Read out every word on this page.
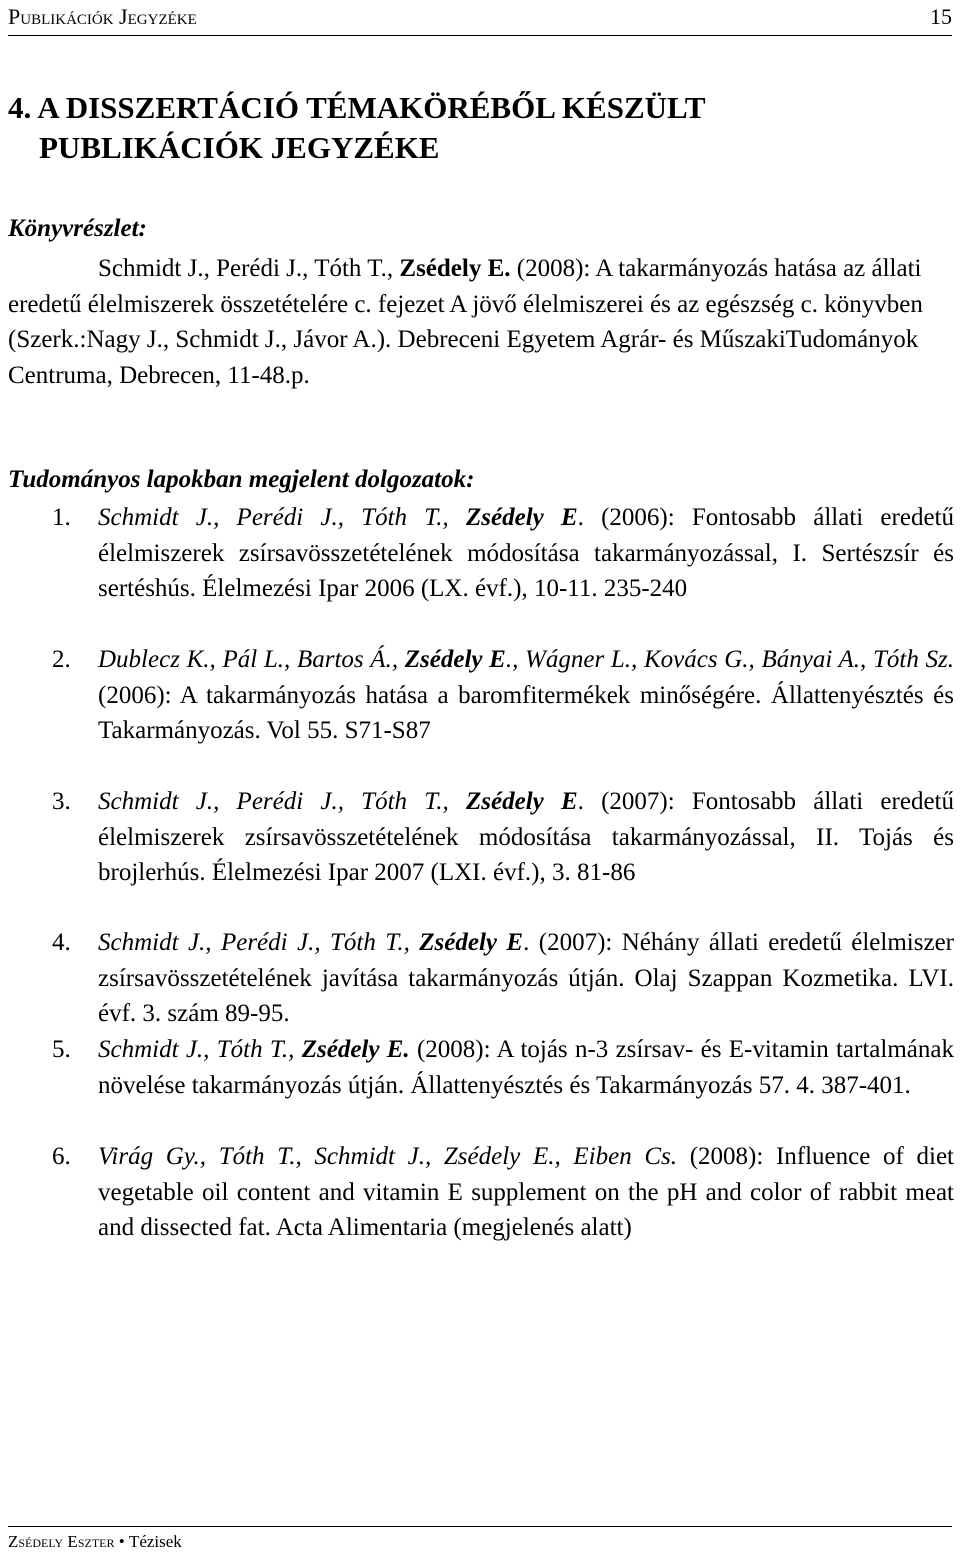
Publikációk Jegyzéke	15
4. A DISSZERTÁCIÓ TÉMAKÖRÉBŐL KÉSZÜLT
PUBLIKÁCIÓK JEGYZÉKE
Könyvrészlet:
Schmidt J., Perédi J., Tóth T., Zsédely E. (2008): A takarmányozás hatása az állati eredetű élelmiszerek összetételére c. fejezet A jövő élelmiszerei és az egészség c. könyvben (Szerk.:Nagy J., Schmidt J., Jávor A.). Debreceni Egyetem Agrár- és MűszakiTudományok Centruma, Debrecen, 11-48.p.
Tudományos lapokban megjelent dolgozatok:
1. Schmidt J., Perédi J., Tóth T., Zsédely E. (2006): Fontosabb állati eredetű élelmiszerek zsírsavösszetételének módosítása takarmányozással, I. Sertészsír és sertéshús. Élelmezési Ipar 2006 (LX. évf.), 10-11. 235-240
2. Dublecz K., Pál L., Bartos Á., Zsédely E., Wágner L., Kovács G., Bányai A., Tóth Sz.(2006): A takarmányozás hatása a baromfitermékek minőségére. Állattenyésztés és Takarmányozás. Vol 55. S71-S87
3. Schmidt J., Perédi J., Tóth T., Zsédely E. (2007): Fontosabb állati eredetű élelmiszerek zsírsavösszetételének módosítása takarmányozással, II. Tojás és brojlerhús. Élelmezési Ipar 2007 (LXI. évf.), 3. 81-86
4. Schmidt J., Perédi J., Tóth T., Zsédely E. (2007): Néhány állati eredetű élelmiszer zsírsavösszetételének javítása takarmányozás útján. Olaj Szappan Kozmetika. LVI. évf. 3. szám 89-95.
5. Schmidt J., Tóth T., Zsédely E. (2008): A tojás n-3 zsírsav- és E-vitamin tartalmának növelése takarmányozás útján. Állattenyésztés és Takarmányozás 57. 4. 387-401.
6. Virág Gy., Tóth T., Schmidt J., Zsédely E., Eiben Cs. (2008): Influence of diet vegetable oil content and vitamin E supplement on the pH and color of rabbit meat and dissected fat. Acta Alimentaria (megjelenés alatt)
Zsédely Eszter • Tézisek
